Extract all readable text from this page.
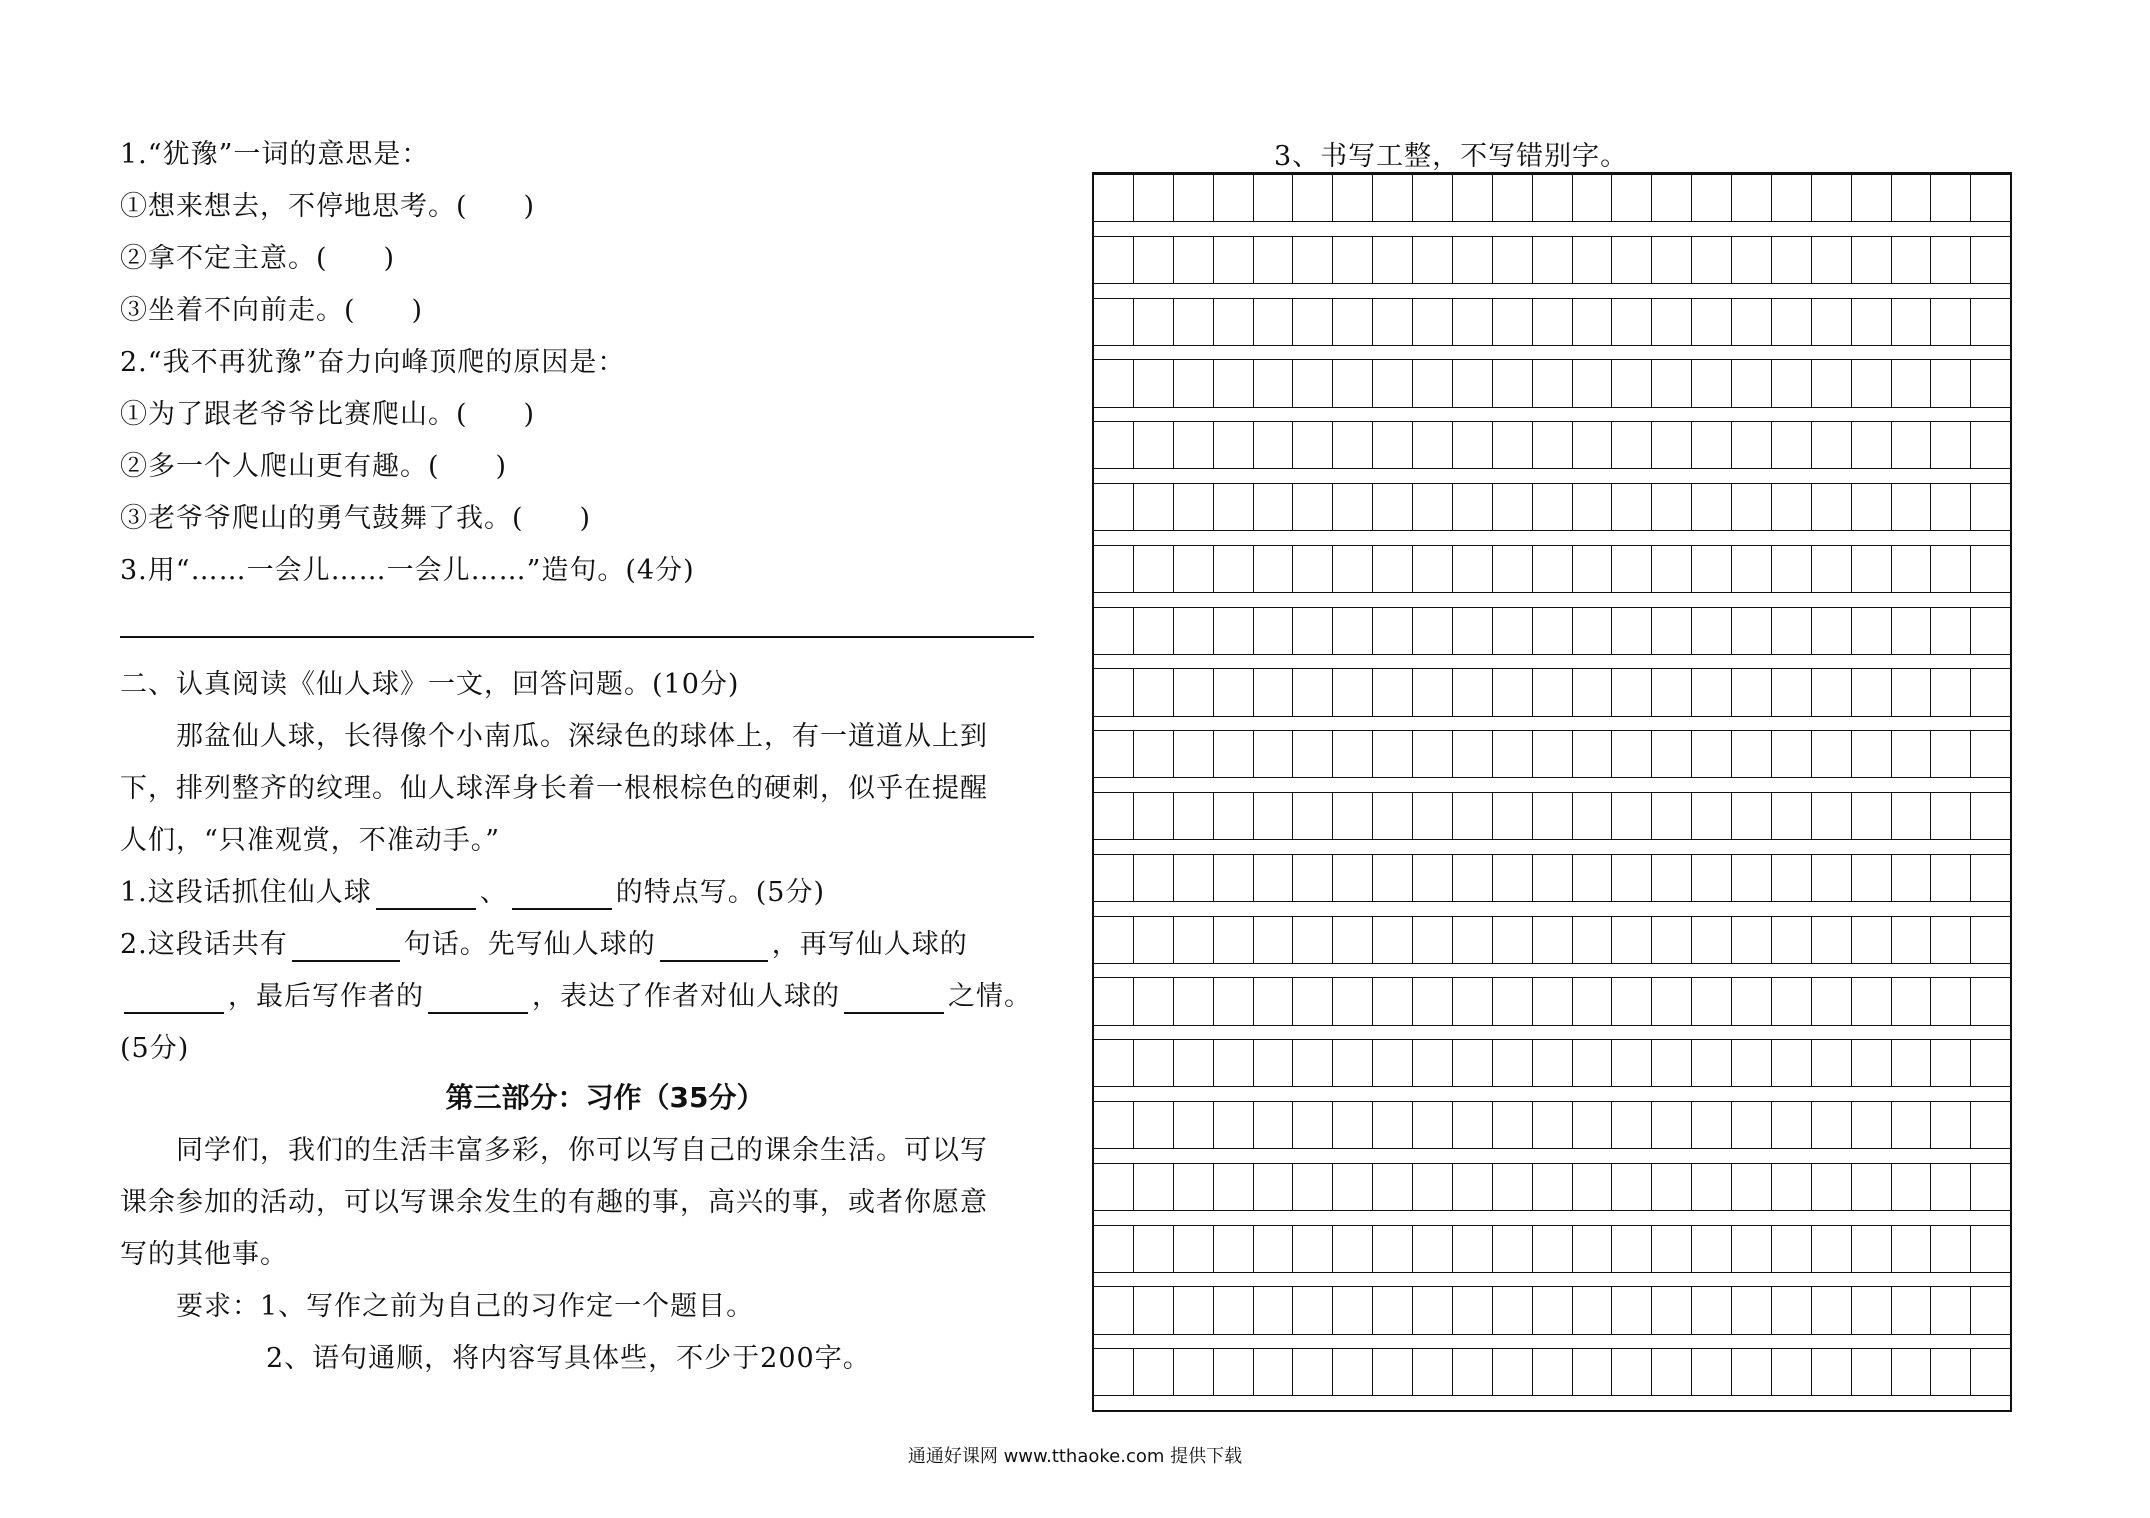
1.“犹豫”一词的意思是：
①想来想去，不停地思考。(　　)
②拿不定主意。(　　)
③坐着不向前走。(　　)
2.“我不再犹豫”奋力向峰顶爬的原因是：
①为了跟老爷爷比赛爬山。(　　)
②多一个人爬山更有趣。(　　)
③老爷爷爬山的勇气鼓舞了我。(　　)
3.用“……一会儿……一会儿……”造句。(4分)
二、认真阅读《仙人球》一文，回答问题。(10分)
　　那盆仙人球，长得像个小南瓜。深绿色的球体上，有一道道从上到
下，排列整齐的纹理。仙人球浑身长着一根根棕色的硬刺，似乎在提醒
人们，“只准观赏，不准动手。”
1.这段话抓住仙人球	、	的特点写。(5分)
2.这段话共有	句话。先写仙人球的	，再写仙人球的
，最后写作者的	，表达了作者对仙人球的	之情。
(5分)
第三部分：习作（35分）
　　同学们，我们的生活丰富多彩，你可以写自己的课余生活。可以写
课余参加的活动，可以写课余发生的有趣的事，高兴的事，或者你愿意
写的其他事。
　　要求：1、写作之前为自己的习作定一个题目。
2、语句通顺，将内容写具体些，不少于200字。
3、书写工整，不写错别字。
通通好课网 www.tthaoke.com 提供下载
